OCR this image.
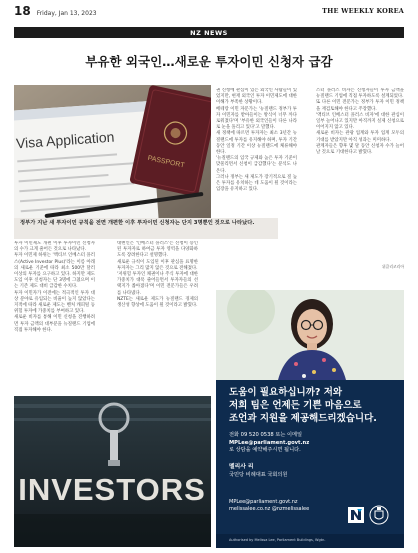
18 Friday, Jan 13, 2023	THE WEEKLY KOREA
NZ NEWS
부유한 외국인…새로운 투자이민 신청자 급감
Visa Application
PASSPORT
정부가 지난 새 투자이민 규칙을 전면 개편한 이후 투자이민 신청자는 단지 3명뿐인 것으로 나타났다.

투자 이민제도 개편 이후 투자이민 신청자의 수가 크게 줄어든 것으로 나타났다.

투자 이민제 하위는 '액티브 인베스터 플러스(Active Investor Plus)'라는 이름 아래 의 새로운 기준에 따라 최소 500만 달러 이상의 투자를 요구하고 있다. 하지만 제도 도입 이후 신청자는 단 3명에 그쳤으며 이는 기존 제도 대비 급감한 수치다.

투자 이민자가 이전에는 적극적인 투자 대상 분야로 유입되는 비율이 높지 않았다는 지적에 따라 새로운 제도는 벤처 캐피털 등 위험 투자에 가중치를 부여하고 있다.

새로운 비자를 통해 이민 신청을 진행하려면 투자 금액의 대부분을 뉴질랜드 기업에 직접 투자해야 한다.

대변인은 '인베스터 플러스'는 신청이 승인된 투자자로 하여금 투자 영역을 다양화하도록 장려한다고 설명했다.

새로운 규칙이 도입된 이후 관심을 표명한 투자자는 그리 많지 않은 것으로 전해졌다.

'저위험 투자인 채권이나 주식 투자에 대한 가중치가 대폭 줄어들면서 투자자들의 선택지가 좁아졌다'며 이민 전문가들은 우려를 나타냈다.

NZTE는 새로운 제도가 뉴질랜드 경제의 생산성 향상에 도움이 될 것이라고 밝혔다.

권 신청에 관심이 있는 외국인 사람들이 있었지만, 현재 외국인 투자 이민제도에 대한 이해가 부족한 상황이다.

베테랑 이민 자문가는 '뉴질랜드 정부가 투자 이민자를 받아들이는 방식이 너무 까다로워졌다'며 '부유한 외국인들이 다른 나라로 눈을 돌리고 있다'고 말했다.

새 정책에 따르면 투자자는 최소 3년간 뉴질랜드에 투자를 유지해야 하며, 투자 기간 동안 일정 기간 이상 뉴질랜드에 체류해야 한다.

'뉴질랜드의 입국 규제와 높은 투자 기준이 맞물리면서 신청이 급감했다'는 분석도 나온다.

그러나 정부는 새 제도가 장기적으로 질 높은 투자를 유치하는 데 도움이 될 것이라는 입장을 유지하고 있다.

스터 플러스 비자는 신청자들이 투자 금액을 뉴질랜드 기업에 직접 투자하도록 설계되었다.

또 다른 이민 전문가는 정부가 투자 이민 정책을 재검토해야 한다고 주장했다.

'액티브 인베스터 플러스 비자'에 대한 관심이 일부 늘어나고 있지만 아직까지 실제 신청으로 이어지지 않고 있다.

새로운 비자는 관광 업계와 투자 업계 모두의 기대를 받았지만 아직 성과는 미미하다.

관계자들은 향후 몇 달 동안 신청자 수가 늘어날 것으로 기대한다고 밝혔다.

위클리코리아
INVESTORS
도움이 필요하십니까? 저와
저희 팀은 언제든 기쁜 마음으로
조언과 지원을 제공해드리겠습니다.
전화 09 520 0538 또는 이메일
MPLee@parliament.govt.nz
로 상담을 예약해주시면 됩니다.
멜리사 리
국민당 비례대표 국회의원
MPLee@parliament.govt.nz
melissalee.co.nz @nzmelissalee
Authorised by Melissa Lee, Parliament Buildings, Wgtn.
